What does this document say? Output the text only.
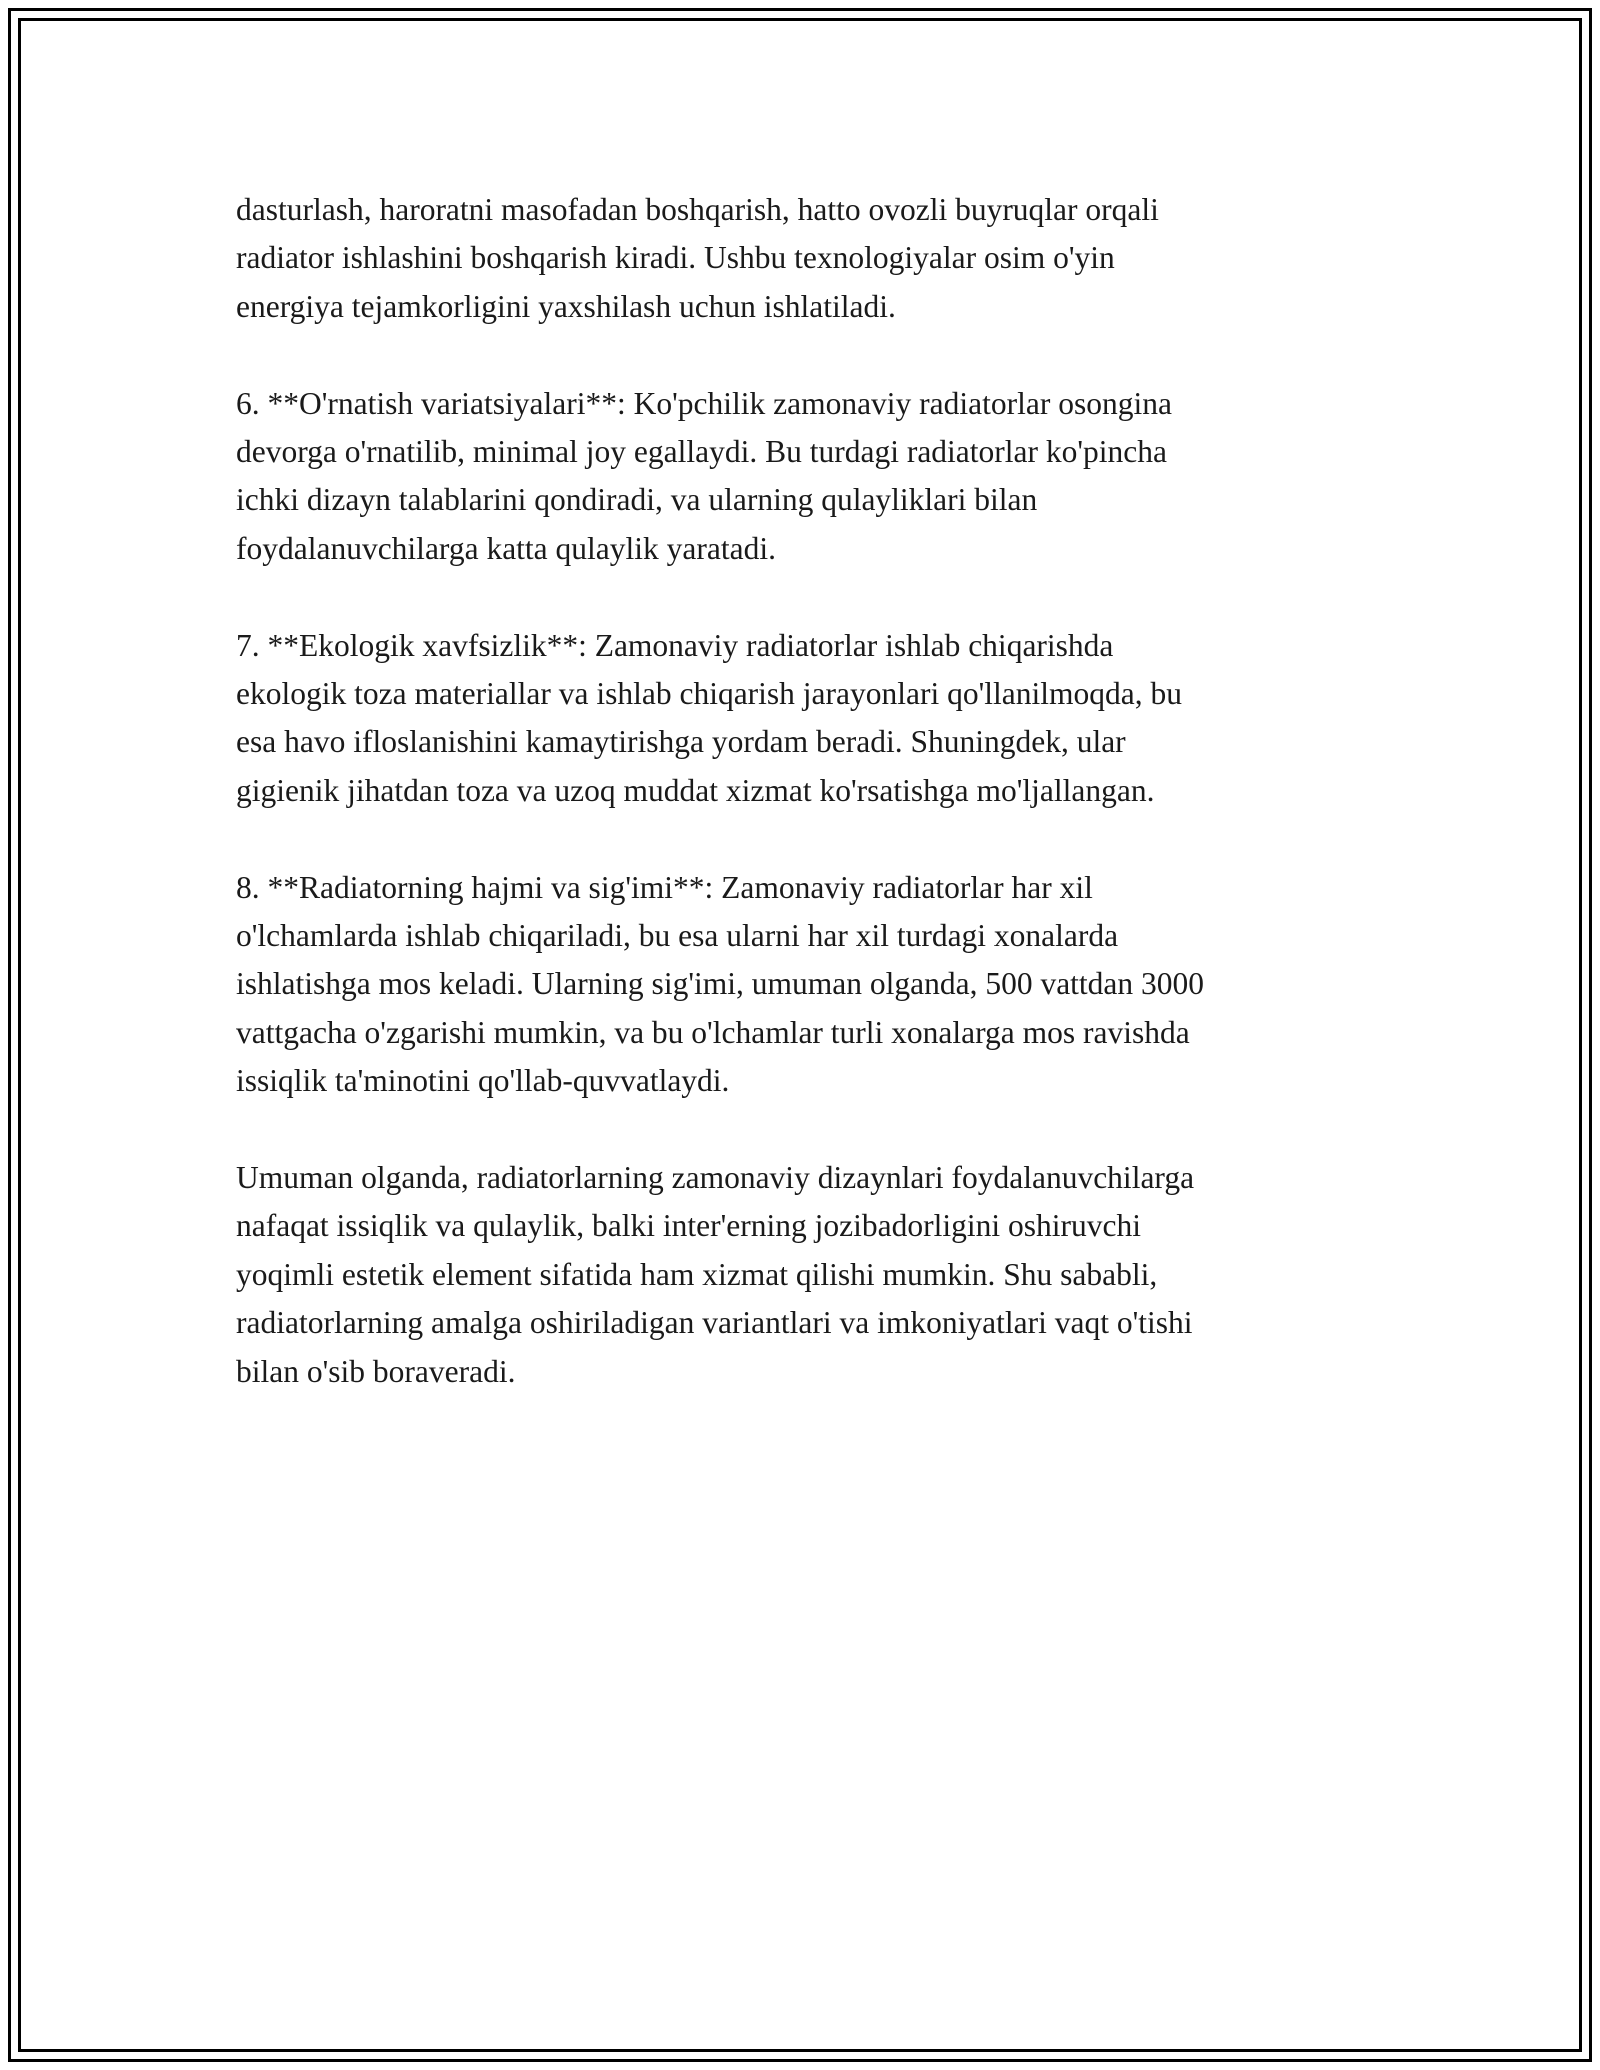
dasturlash, haroratni masofadan boshqarish, hatto ovozli buyruqlar orqali
radiator ishlashini boshqarish kiradi. Ushbu texnologiyalar osim o'yin
energiya tejamkorligini yaxshilash uchun ishlatiladi.

6. **O'rnatish variatsiyalari**: Ko'pchilik zamonaviy radiatorlar osongina
devorga o'rnatilib, minimal joy egallaydi. Bu turdagi radiatorlar ko'pincha
ichki dizayn talablarini qondiradi, va ularning qulayliklari bilan
foydalanuvchilarga katta qulaylik yaratadi.

7. **Ekologik xavfsizlik**: Zamonaviy radiatorlar ishlab chiqarishda
ekologik toza materiallar va ishlab chiqarish jarayonlari qo'llanilmoqda, bu
esa havo ifloslanishini kamaytirishga yordam beradi. Shuningdek, ular
gigienik jihatdan toza va uzoq muddat xizmat ko'rsatishga mo'ljallangan.

8. **Radiatorning hajmi va sig'imi**: Zamonaviy radiatorlar har xil
o'lchamlarda ishlab chiqariladi, bu esa ularni har xil turdagi xonalarda
ishlatishga mos keladi. Ularning sig'imi, umuman olganda, 500 vattdan 3000
vattgacha o'zgarishi mumkin, va bu o'lchamlar turli xonalarga mos ravishda
issiqlik ta'minotini qo'llab-quvvatlaydi.

Umuman olganda, radiatorlarning zamonaviy dizaynlari foydalanuvchilarga
nafaqat issiqlik va qulaylik, balki inter'erning jozibadorligini oshiruvchi
yoqimli estetik element sifatida ham xizmat qilishi mumkin. Shu sababli,
radiatorlarning amalga oshiriladigan variantlari va imkoniyatlari vaqt o'tishi
bilan o'sib boraveradi.
